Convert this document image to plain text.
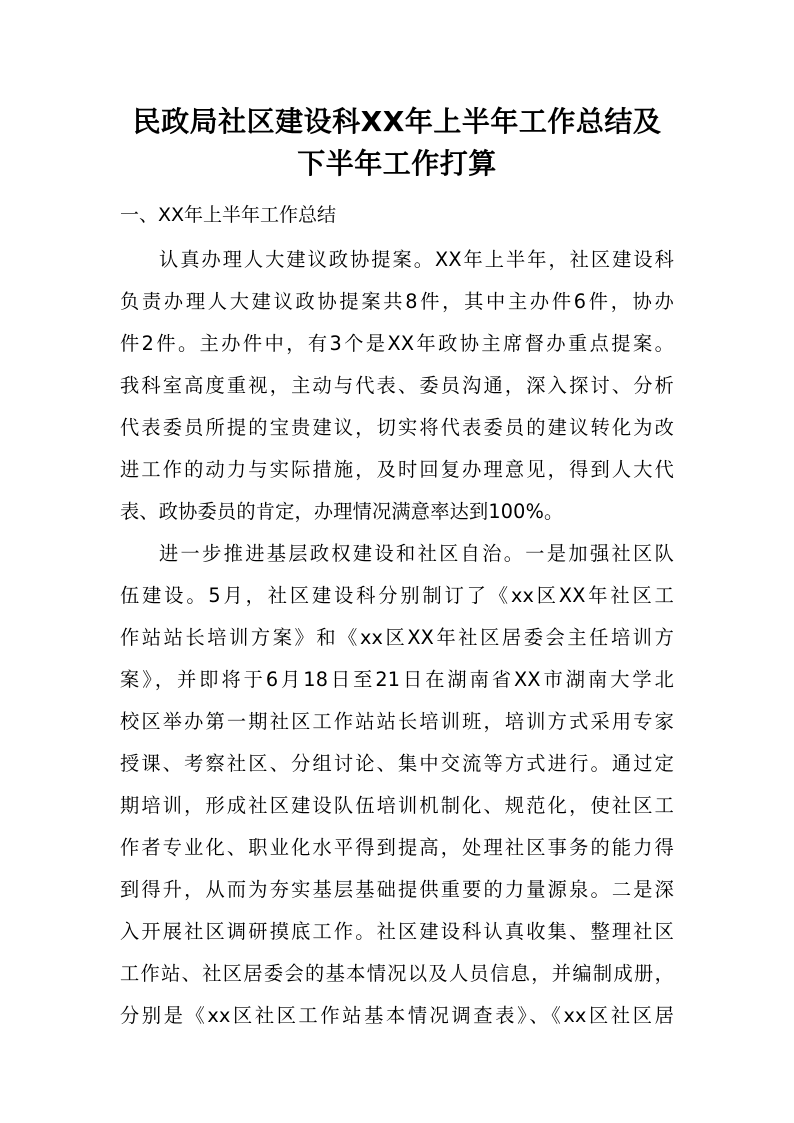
民政局社区建设科XX年上半年工作总结及
下半年工作打算
一、XX年上半年工作总结
认真办理人大建议政协提案。XX年上半年，社区建设科
负责办理人大建议政协提案共8件，其中主办件6件，协办
件2件。主办件中，有3个是XX年政协主席督办重点提案。
我科室高度重视，主动与代表、委员沟通，深入探讨、分析
代表委员所提的宝贵建议，切实将代表委员的建议转化为改
进工作的动力与实际措施，及时回复办理意见，得到人大代
表、政协委员的肯定，办理情况满意率达到100%。
进一步推进基层政权建设和社区自治。一是加强社区队
伍建设。5月，社区建设科分别制订了《xx区XX年社区工
作站站长培训方案》和《xx区XX年社区居委会主任培训方
案》，并即将于6月18日至21日在湖南省XX市湖南大学北
校区举办第一期社区工作站站长培训班，培训方式采用专家
授课、考察社区、分组讨论、集中交流等方式进行。通过定
期培训，形成社区建设队伍培训机制化、规范化，使社区工
作者专业化、职业化水平得到提高，处理社区事务的能力得
到得升，从而为夯实基层基础提供重要的力量源泉。二是深
入开展社区调研摸底工作。社区建设科认真收集、整理社区
工作站、社区居委会的基本情况以及人员信息，并编制成册，
分别是《xx区社区工作站基本情况调查表》、《xx区社区居
